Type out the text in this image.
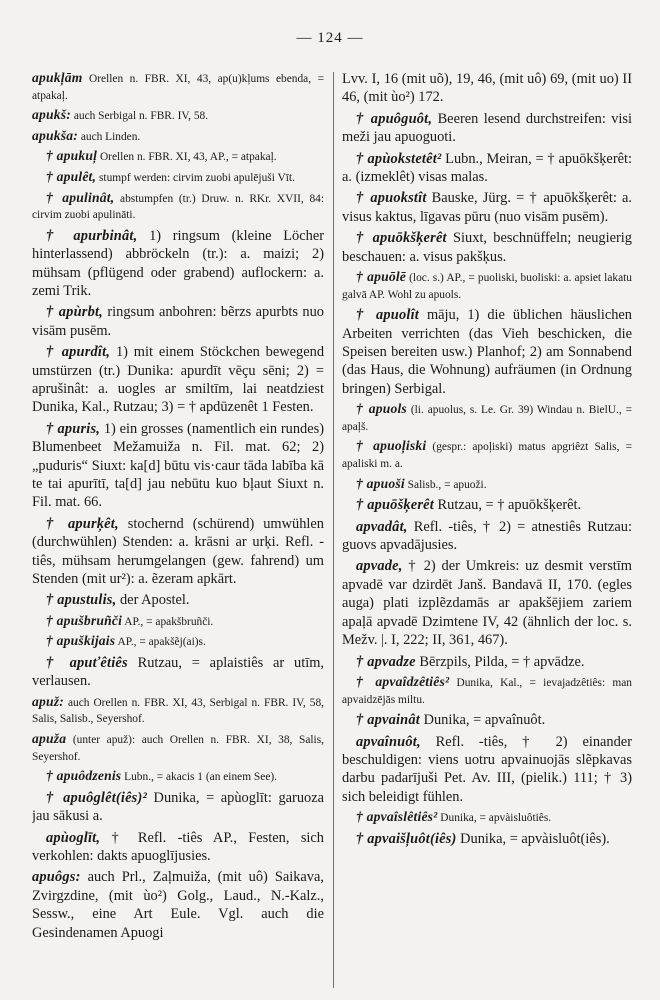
— 124 —

apukļām Orellen n. FBR. XI, 43, ap(u)kļums ebenda, = atpakaļ.

apukš: auch Serbigal n. FBR. IV, 58.

apukša: auch Linden.

† apukuļ Orellen n. FBR. XI, 43, AP., = atpakaļ.

† apulêt, stumpf werden: cirvim zuobi apulējuši Vīt.

† apulinât, abstumpfen (tr.) Druw. n. RKr. XVII, 84: cirvim zuobi apulināti.

† apurbinât, 1) ringsum (kleine Löcher hinterlassend) abbröckeln (tr.): a. maizi; 2) mühsam (pflügend oder grabend) auflockern: a. zemi Trik.

† apùrbt, ringsum anbohren: bẽrzs apurbts nuo visām pusēm.

† apurdît, 1) mit einem Stöckchen bewegend umstürzen (tr.) Dunika: apurdīt vēçu sēni; 2) = aprušinât: a. uogles ar smiltīm, lai neatdziest Dunika, Kal., Rutzau; 3) = † apdūzenêt 1 Festen.

† apuris, 1) ein grosses (namentlich ein rundes) Blumenbeet Mežamuiža n. Fil. mat. 62; 2) „puduris“ Siuxt: ka[d] būtu vis·caur tāda labība kā te tai apurītī, ta[d] jau nebūtu kuo bļaut Siuxt n. Fil. mat. 66.

† apurķêt, stochernd (schürend) umwühlen (durchwühlen) Stenden: a. krāsni ar urķi. Refl. -tiês, mühsam herumgelangen (gew. fahrend) um Stenden (mit ur²): a. ẽzeram apkārt.

† apustulis, der Apostel.

† apušbruñči AP., = apakšbruñči.

† apuškijais AP., = apakšẽj(ai)s.

† apuťêtiês Rutzau, = aplaistiês ar utīm, verlausen.

apuž: auch Orellen n. FBR. XI, 43, Serbigal n. FBR. IV, 58, Salis, Salisb., Seyershof.

apuža (unter apuž): auch Orellen n. FBR. XI, 38, Salis, Seyershof.

† apuôdzenis Lubn., = akacis 1 (an einem See).

† apuôglêt(iês)² Dunika, = apùoglīt: garuoza jau sākusi a.

apùoglīt, † Refl. -tiês AP., Festen, sich verkohlen: dakts apuoglījusies.

apuôgs: auch Prl., Zaļmuiža, (mit uô) Saikava, Zvirgzdine, (mit ùo²) Golg., Laud., N.-Kalz., Sessw., eine Art Eule. Vgl. auch die Gesindenamen Apuogi

Lvv. I, 16 (mit uõ), 19, 46, (mit uô) 69, (mit uo) II 46, (mit ùo²) 172.

† apuôguôt, Beeren lesend durchstreifen: visi meži jau apuoguoti.

† apùokstetêt² Lubn., Meiran, = † apuōkšķerêt: a. (izmeklêt) visas malas.

† apuokstît Bauske, Jürg. = † apuōkšķerêt: a. visus kaktus, līgavas pūru (nuo visām pusēm).

† apuōkšķerêt Siuxt, beschnüffeln; neugierig beschauen: a. visus pakšķus.

† apuōlē (loc. s.) AP., = puoliski, buoliski: a. apsiet lakatu galvā AP. Wohl zu apuols.

† apuolît māju, 1) die üblichen häuslichen Arbeiten verrichten (das Vieh beschicken, die Speisen bereiten usw.) Planhof; 2) am Sonnabend (das Haus, die Wohnung) aufräumen (in Ordnung bringen) Serbigal.

† apuols (li. apuolus, s. Le. Gr. 39) Windau n. BielU., = apaļš.

† apuoļiski (gespr.: apoļiski) matus apgriêzt Salis, = apaliski m. a.

† apuoši Salisb., = apuoži.

† apuōšķerêt Rutzau, = † apuōkšķerêt.

apvadât, Refl. -tiês, † 2) = atnestiês Rutzau: guovs apvadājusies.

apvade, † 2) der Umkreis: uz desmit verstīm apvadē var dzirdēt Janš. Bandavā II, 170. (egles auga) plati izplẽzdamās ar apakšējiem zariem apaļā apvadē Dzimtene IV, 42 (ähnlich der loc. s. Mežv. |. I, 222; II, 361, 467).

† apvadze Bērzpils, Pilda, = † apvādze.

† apvaîdzêtiês² Dunika, Kal., = ievajadzêtiês: man apvaidzējās miltu.

† apvainât Dunika, = apvaînuôt.

apvaînuôt, Refl. -tiês, † 2) einander beschuldigen: viens uotru apvainuojās slẽpkavas darbu padarījuši Pet. Av. III, (pielik.) 111; † 3) sich beleidigt fühlen.

† apvaîslêtiês² Dunika, = apvàisluôtiês.

† apvaišļuôt(iês) Dunika, = apvàisluôt(iês).
